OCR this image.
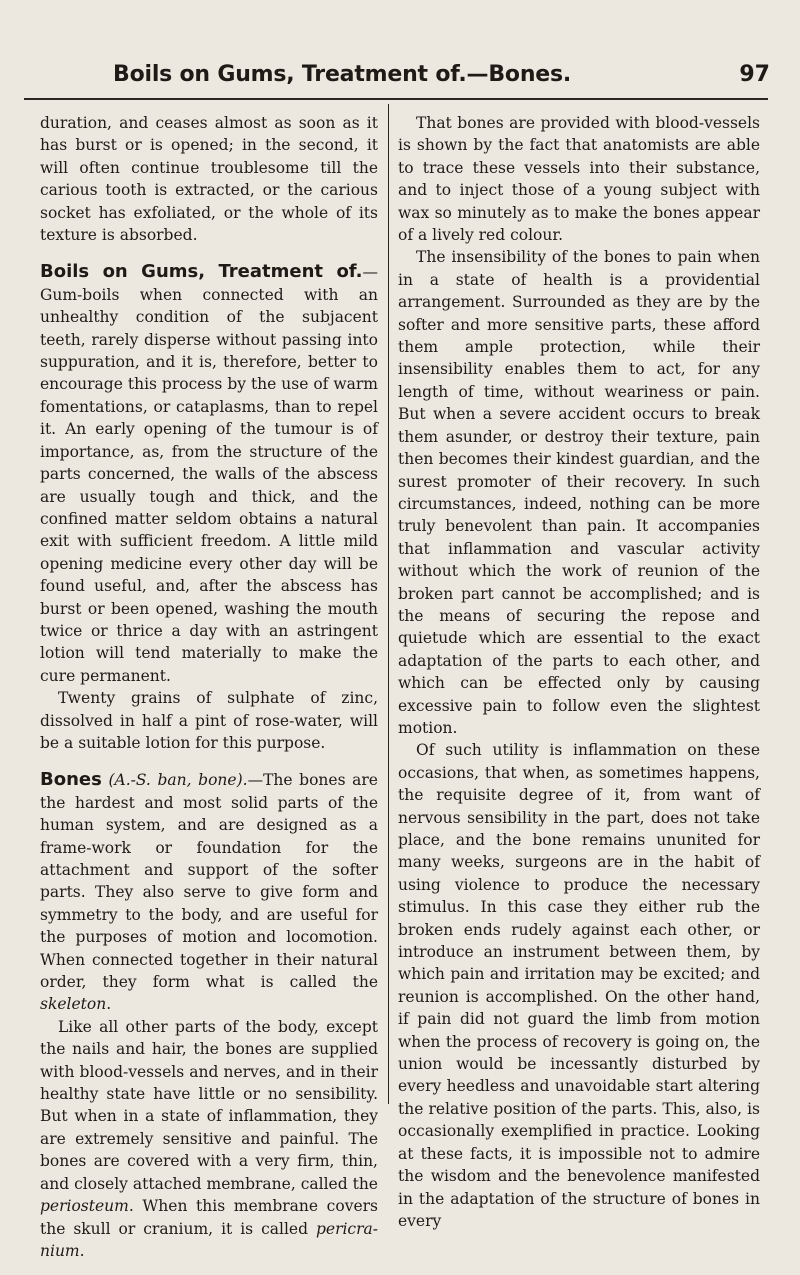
Boils on Gums, Treatment of.—Bones.	97

duration, and ceases almost as soon as it has burst or is opened; in the second, it will often continue troublesome till the carious tooth is extracted, or the carious socket has exfoliated, or the whole of its texture is absorbed.

Boils on Gums, Treatment of.—Gum-boils when connected with an unhealthy condition of the subjacent teeth, rarely disperse without passing into suppuration, and it is, therefore, better to encourage this process by the use of warm fomentations, or cataplasms, than to repel it. An early opening of the tumour is of importance, as, from the structure of the parts concerned, the walls of the abscess are usually tough and thick, and the confined matter seldom obtains a natural exit with sufficient freedom. A little mild opening medicine every other day will be found useful, and, after the abscess has burst or been opened, washing the mouth twice or thrice a day with an astringent lotion will tend materially to make the cure permanent.

Twenty grains of sulphate of zinc, dissolved in half a pint of rose-water, will be a suitable lotion for this purpose.

Bones (A.-S. ban, bone).—The bones are the hardest and most solid parts of the human system, and are designed as a frame-work or foundation for the attachment and support of the softer parts. They also serve to give form and symmetry to the body, and are useful for the purposes of motion and locomotion. When connected together in their natural order, they form what is called the skeleton.

Like all other parts of the body, except the nails and hair, the bones are supplied with blood-vessels and nerves, and in their healthy state have little or no sensibility. But when in a state of inflammation, they are extremely sensitive and painful. The bones are covered with a very firm, thin, and closely attached membrane, called the periosteum. When this membrane covers the skull or cranium, it is called pericra-nium.

That bones are provided with blood-vessels is shown by the fact that anatomists are able to trace these vessels into their substance, and to inject those of a young subject with wax so minutely as to make the bones appear of a lively red colour.

The insensibility of the bones to pain when in a state of health is a providential arrangement. Surrounded as they are by the softer and more sensitive parts, these afford them ample protection, while their insensibility enables them to act, for any length of time, without weariness or pain. But when a severe accident occurs to break them asunder, or destroy their texture, pain then becomes their kindest guardian, and the surest promoter of their recovery. In such circumstances, indeed, nothing can be more truly benevolent than pain. It accompanies that inflammation and vascular activity without which the work of reunion of the broken part cannot be accomplished; and is the means of securing the repose and quietude which are essential to the exact adaptation of the parts to each other, and which can be effected only by causing excessive pain to follow even the slightest motion.

Of such utility is inflammation on these occasions, that when, as sometimes happens, the requisite degree of it, from want of nervous sensibility in the part, does not take place, and the bone remains ununited for many weeks, surgeons are in the habit of using violence to produce the necessary stimulus. In this case they either rub the broken ends rudely against each other, or introduce an instrument between them, by which pain and irritation may be excited; and reunion is accomplished. On the other hand, if pain did not guard the limb from motion when the process of recovery is going on, the union would be incessantly disturbed by every heedless and unavoidable start altering the relative position of the parts. This, also, is occasionally exemplified in practice. Looking at these facts, it is impossible not to admire the wisdom and the benevolence manifested in the adaptation of the structure of bones in every
